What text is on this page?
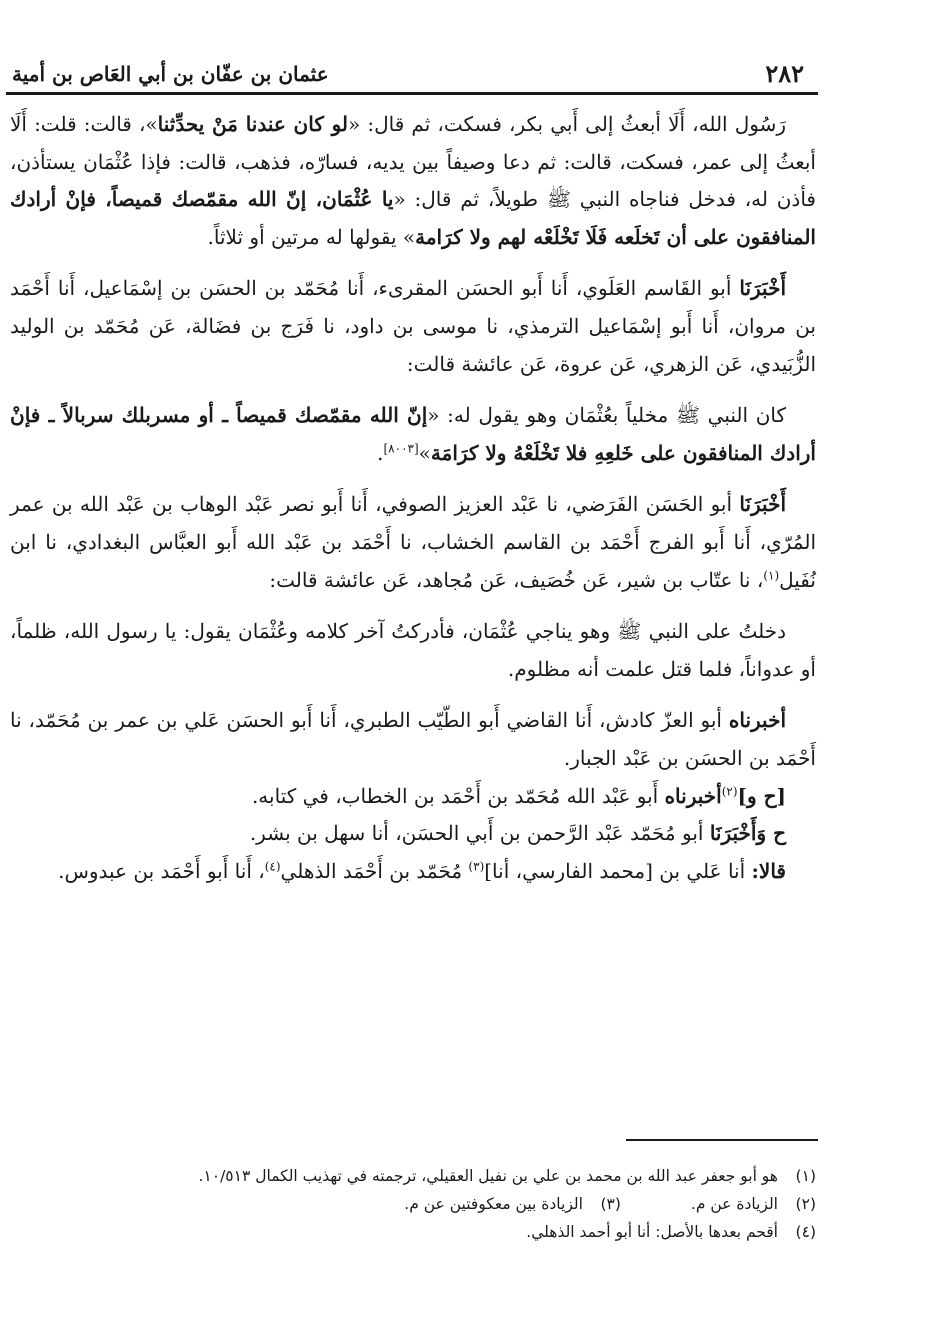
٢٨٢
عثمان بن عفّان بن أبي العَاص بن أمية

رَسُول الله، أَلَا أبعثُ إلى أَبي بكر، فسكت، ثم قال: «لو كان عندنا مَنْ يحدِّثنا»، قالت: قلت: أَلَا أبعثُ إلى عمر، فسكت، قالت: ثم دعا وصيفاً بين يديه، فسارّه، فذهب، قالت: فإذا عُثْمَان يستأذن، فأذن له، فدخل فناجاه النبي ﷺ طويلاً، ثم قال: «يا عُثْمَان، إنّ الله مقمّصك قميصاً، فإنْ أرادك المنافقون على أن تَخلَعه فَلَا تَخْلَعْه لهم ولا كرَامة» يقولها له مرتين أو ثلاثاً.

أَخْبَرَنَا أبو القَاسم العَلَوي، أَنا أَبو الحسَن المقرىء، أَنا مُحَمّد بن الحسَن بن إسْمَاعيل، أَنا أَحْمَد بن مروان، أَنا أَبو إسْمَاعيل الترمذي، نا موسى بن داود، نا فَرَج بن فضَالة، عَن مُحَمّد بن الوليد الزُّبَيدي، عَن الزهري، عَن عروة، عَن عائشة قالت:

كان النبي ﷺ مخلياً بعُثْمَان وهو يقول له: «إنّ الله مقمّصك قميصاً ـ أو مسربلك سربالاً ـ فإنْ أرادك المنافقون على خَلعِهِ فلا تَخْلَعْهُ ولا كرَامَة»[٨٠٠٣].

أَخْبَرَنَا أبو الحَسَن الفَرَضي، نا عَبْد العزيز الصوفي، أَنا أَبو نصر عَبْد الوهاب بن عَبْد الله بن عمر المُرّي، أَنا أَبو الفرج أَحْمَد بن القاسم الخشاب، نا أَحْمَد بن عَبْد الله أَبو العبَّاس البغدادي، نا ابن نُفَيل$^{(١)}$، نا عتّاب بن شير، عَن خُصَيف، عَن مُجاهد، عَن عائشة قالت:

دخلتُ على النبي ﷺ وهو يناجي عُثْمَان، فأدركتُ آخر كلامه وعُثْمَان يقول: يا رسول الله، ظلماً، أو عدواناً، فلما قتل علمت أنه مظلوم.

أخبرناه أبو العزّ كادش، أَنا القاضي أَبو الطّيّب الطبري، أَنا أَبو الحسَن عَلي بن عمر بن مُحَمّد، نا أَحْمَد بن الحسَن بن عَبْد الجبار.

[ح و]$^{(٢)}$أخبرناه أَبو عَبْد الله مُحَمّد بن أَحْمَد بن الخطاب، في كتابه.

ح وَأَخْبَرَنَا أبو مُحَمّد عَبْد الرَّحمن بن أَبي الحسَن، أنا سهل بن بشر.

قالا: أنا عَلي بن [محمد الفارسي، أنا]$^{(٣)}$ مُحَمّد بن أَحْمَد الذهلي$^{(٤)}$، أَنا أَبو أَحْمَد بن عبدوس.

(١)هو أبو جعفر عبد الله بن محمد بن علي بن نفيل العقيلي، ترجمته في تهذيب الكمال ١٠/٥١٣.

(٢)الزيادة عن م.(٣)الزيادة بين معكوفتين عن م.

(٤)أقحم بعدها بالأصل: أنا أبو أحمد الذهلي.
